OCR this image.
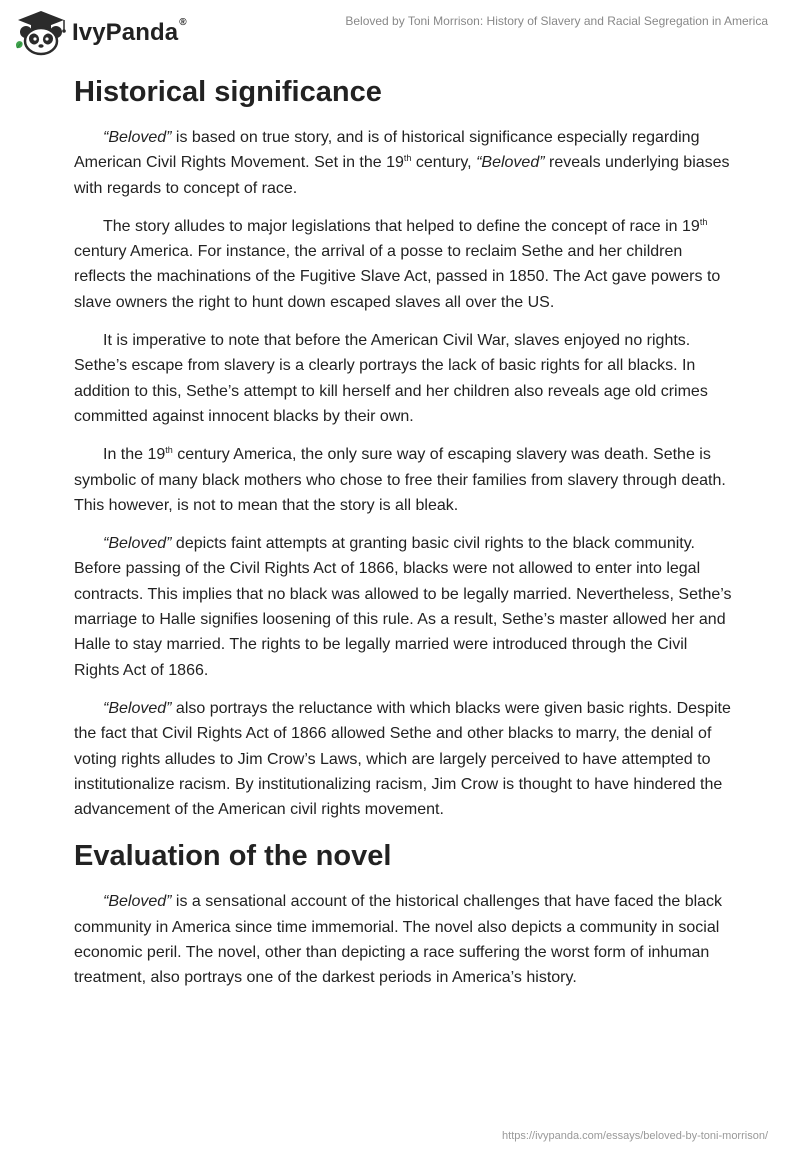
IvyPanda®	Beloved by Toni Morrison: History of Slavery and Racial Segregation in America
Historical significance

“Beloved” is based on true story, and is of historical significance especially regarding American Civil Rights Movement. Set in the 19th century, “Beloved” reveals underlying biases with regards to concept of race.

The story alludes to major legislations that helped to define the concept of race in 19th century America. For instance, the arrival of a posse to reclaim Sethe and her children reflects the machinations of the Fugitive Slave Act, passed in 1850. The Act gave powers to slave owners the right to hunt down escaped slaves all over the US.

It is imperative to note that before the American Civil War, slaves enjoyed no rights. Sethe’s escape from slavery is a clearly portrays the lack of basic rights for all blacks. In addition to this, Sethe’s attempt to kill herself and her children also reveals age old crimes committed against innocent blacks by their own.

In the 19th century America, the only sure way of escaping slavery was death. Sethe is symbolic of many black mothers who chose to free their families from slavery through death. This however, is not to mean that the story is all bleak.

“Beloved” depicts faint attempts at granting basic civil rights to the black community. Before passing of the Civil Rights Act of 1866, blacks were not allowed to enter into legal contracts. This implies that no black was allowed to be legally married. Nevertheless, Sethe’s marriage to Halle signifies loosening of this rule. As a result, Sethe’s master allowed her and Halle to stay married. The rights to be legally married were introduced through the Civil Rights Act of 1866.

“Beloved” also portrays the reluctance with which blacks were given basic rights. Despite the fact that Civil Rights Act of 1866 allowed Sethe and other blacks to marry, the denial of voting rights alludes to Jim Crow’s Laws, which are largely perceived to have attempted to institutionalize racism. By institutionalizing racism, Jim Crow is thought to have hindered the advancement of the American civil rights movement.

Evaluation of the novel

“Beloved” is a sensational account of the historical challenges that have faced the black community in America since time immemorial. The novel also depicts a community in social economic peril. The novel, other than depicting a race suffering the worst form of inhuman treatment, also portrays one of the darkest periods in America’s history.

https://ivypanda.com/essays/beloved-by-toni-morrison/
